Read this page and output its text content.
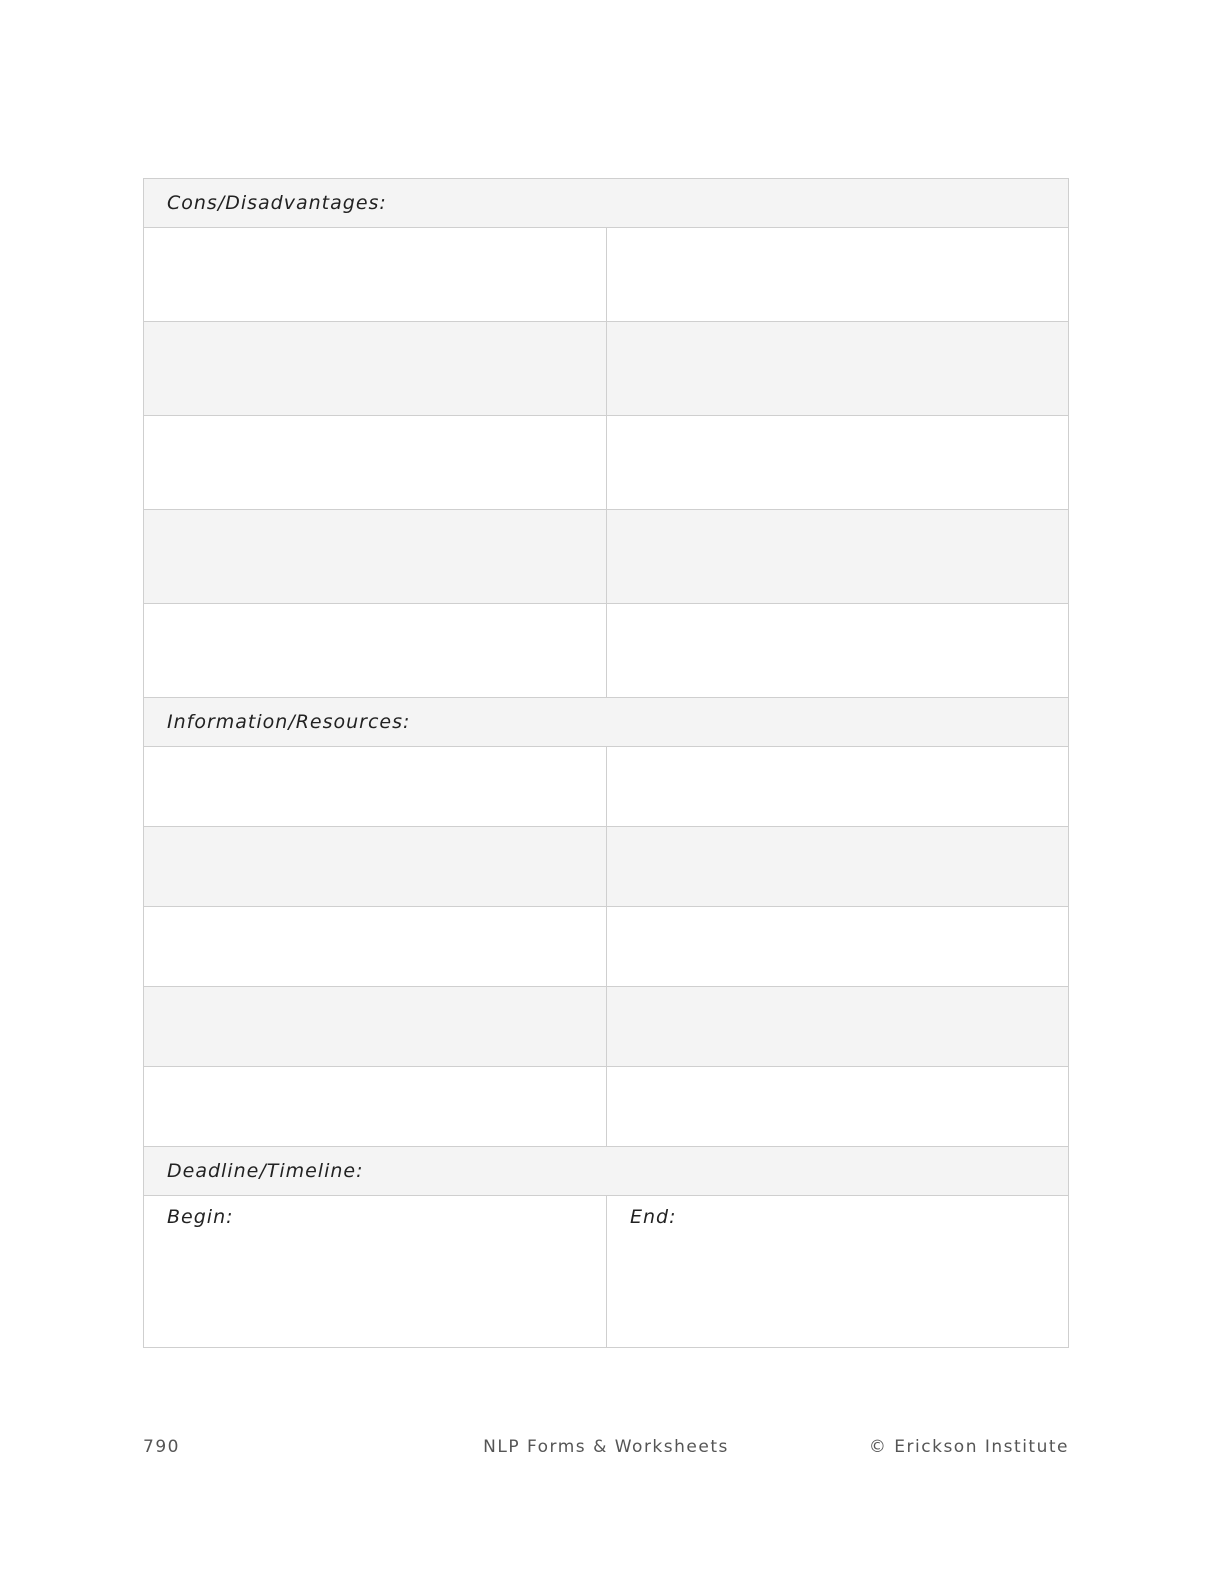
Cons/Disadvantages:
Information/Resources:
Deadline/Timeline:
Begin:	End:
790	NLP Forms & Worksheets	© Erickson Institute
